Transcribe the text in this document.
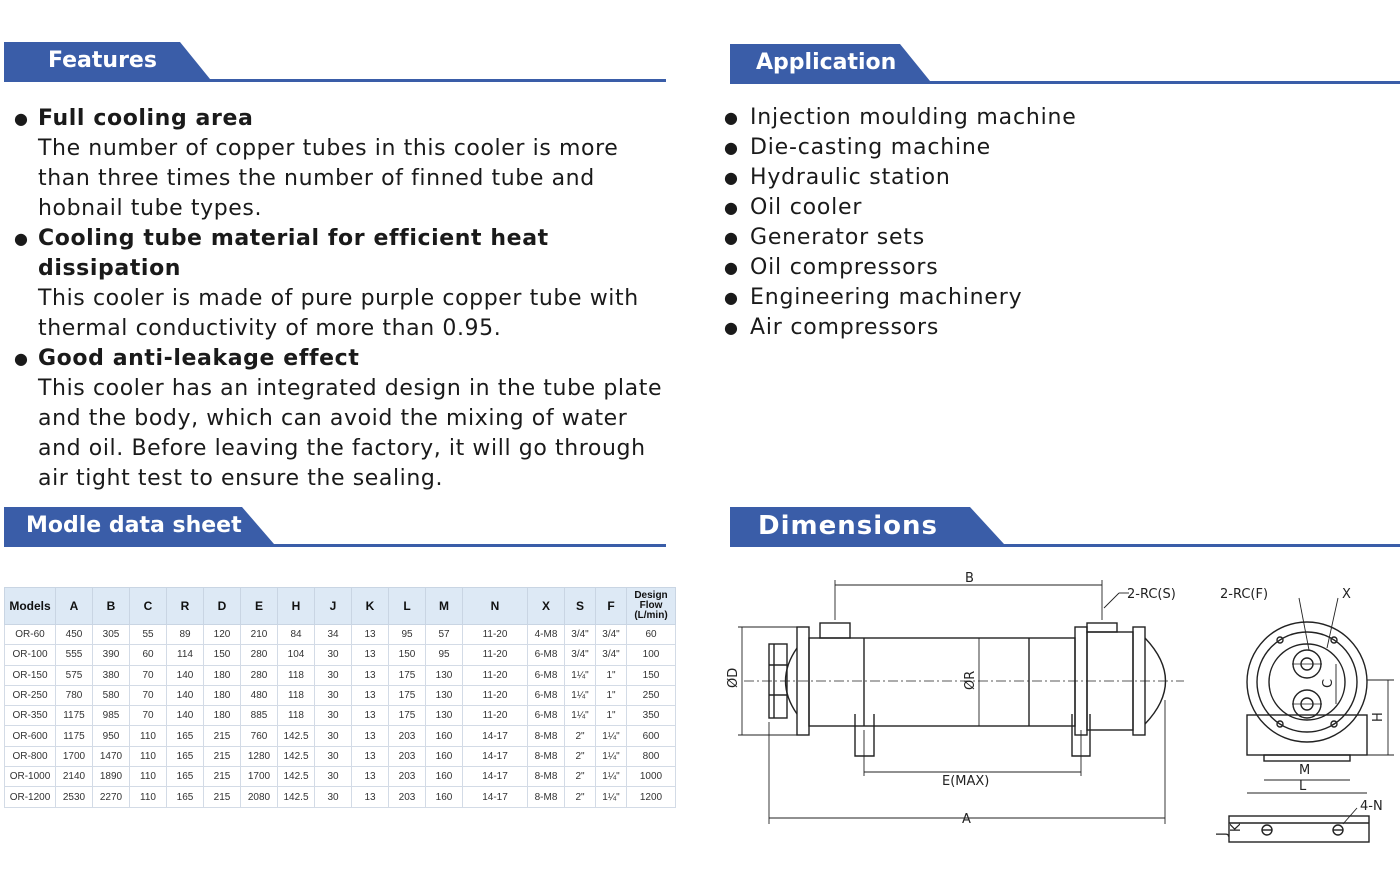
Features	Application
Modle data sheet	Dimensions
● Full cooling area
The number of copper tubes in this cooler is more
than three times the number of finned tube and
hobnail tube types.
● Cooling tube material for efficient heat dissipation
This cooler is made of pure purple copper tube with
thermal conductivity of more than 0.95.
● Good anti-leakage effect
This cooler has an integrated design in the tube plate
and the body, which can avoid the mixing of water
and oil. Before leaving the factory, it will go through
air tight test to ensure the sealing.
● Injection moulding machine
● Die-casting machine
● Hydraulic station
● Oil cooler
● Generator sets
● Oil compressors
● Engineering machinery
● Air compressors
Models	A	B	C	R	D	E	H	J	K	L	M	N	X	S	F	Design
Flow
(L/min)

OR-60	450	305	55	89	120	210	84	34	13	95	57	11-20	4-M8	3/4"	3/4"	60
OR-100	555	390	60	114	150	280	104	30	13	150	95	11-20	6-M8	3/4"	3/4"	100
OR-150	575	380	70	140	180	280	118	30	13	175	130	11-20	6-M8	1¼"	1"	150
OR-250	780	580	70	140	180	480	118	30	13	175	130	11-20	6-M8	1¼"	1"	250
OR-350	1175	985	70	140	180	885	118	30	13	175	130	11-20	6-M8	1¼"	1"	350
OR-600	1175	950	110	165	215	760	142.5	30	13	203	160	14-17	8-M8	2"	1¼"	600
OR-800	1700	1470	110	165	215	1280	142.5	30	13	203	160	14-17	8-M8	2"	1¼"	800
OR-1000	2140	1890	110	165	215	1700	142.5	30	13	203	160	14-17	8-M8	2"	1¼"	1000
OR-1200	2530	2270	110	165	215	2080	142.5	30	13	203	160	14-17	8-M8	2"	1¼"	1200
B
2-RC(S)	2-RC(F)	X
ØD	ØR	C
H
E(MAX)
M
L
A
4-N
J
K
